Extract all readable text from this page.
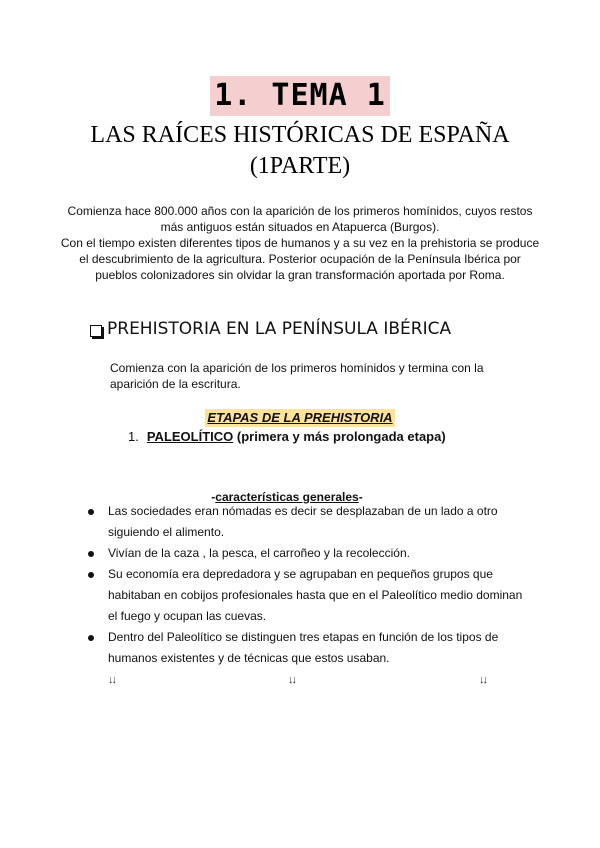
1. TEMA 1
LAS RAÍCES HISTÓRICAS DE ESPAÑA
(1PARTE)

Comienza hace 800.000 años con la aparición de los primeros homínidos, cuyos restos más antiguos están situados en Atapuerca (Burgos).

Con el tiempo existen diferentes tipos de humanos y a su vez en la prehistoria se produce el descubrimiento de la agricultura. Posterior ocupación de la Península Ibérica por pueblos colonizadores sin olvidar la gran transformación aportada por Roma.

PREHISTORIA EN LA PENÍNSULA IBÉRICA
Comienza con la aparición de los primeros homínidos y termina con la aparición de la escritura.
ETAPAS DE LA PREHISTORIA
1. PALEOLÍTICO (primera y más prolongada etapa)
-características generales-
Las sociedades eran nómadas es decir se desplazaban de un lado a otro siguiendo el alimento.
Vivían de la caza , la pesca, el carroñeo y la recolección.
Su economía era depredadora y se agrupaban en pequeños grupos que habitaban en cobijos profesionales hasta que en el Paleolítico medio dominan el fuego y ocupan las cuevas.
Dentro del Paleolítico se distinguen tres etapas en función de los tipos de humanos existentes y de técnicas que estos usaban.
↓↓	↓↓	↓↓
